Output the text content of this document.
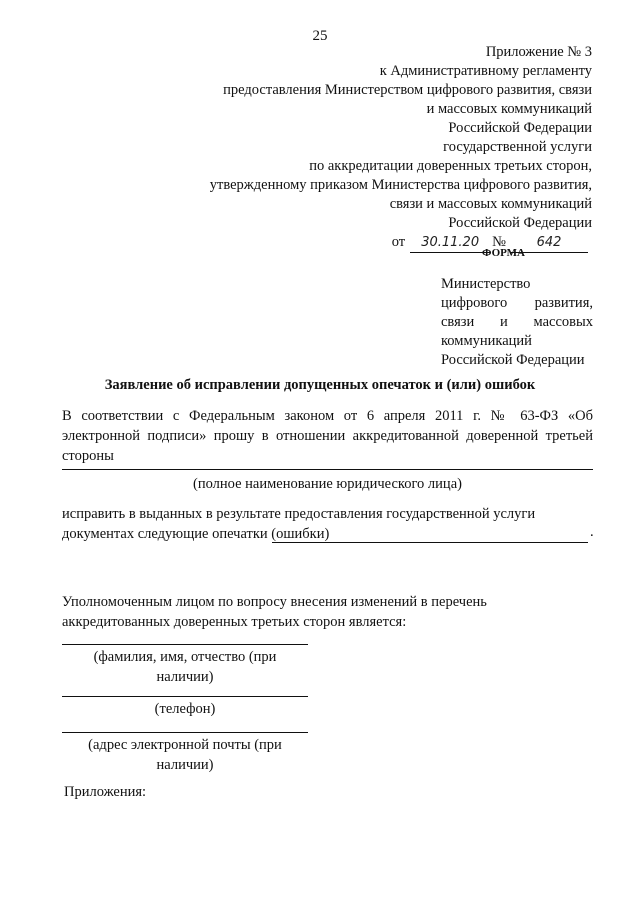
25
Приложение № 3
к Административному регламенту
предоставления Министерством цифрового развития, связи
и массовых коммуникаций
Российской Федерации
государственной услуги
по аккредитации доверенных третьих сторон,
утвержденному приказом Министерства цифрового развития,
связи и массовых коммуникаций
Российской Федерации
от 30.11.20 № 642
ФОРМА
Министерство
цифрового развития,
связи и массовых
коммуникаций
Российской Федерации
Заявление об исправлении допущенных опечаток и (или) ошибок
В соответствии с Федеральным законом от 6 апреля 2011 г. № 63-ФЗ «Об электронной подписи» прошу в отношении аккредитованной доверенной третьей стороны
(полное наименование юридического лица)
исправить в выданных в результате предоставления государственной услуги
документах следующие опечатки (ошибки)	.
Уполномоченным лицом по вопросу внесения изменений в перечень аккредитованных доверенных третьих сторон является:
(фамилия, имя, отчество (при
наличии)
(телефон)
(адрес электронной почты (при
наличии)
Приложения:
